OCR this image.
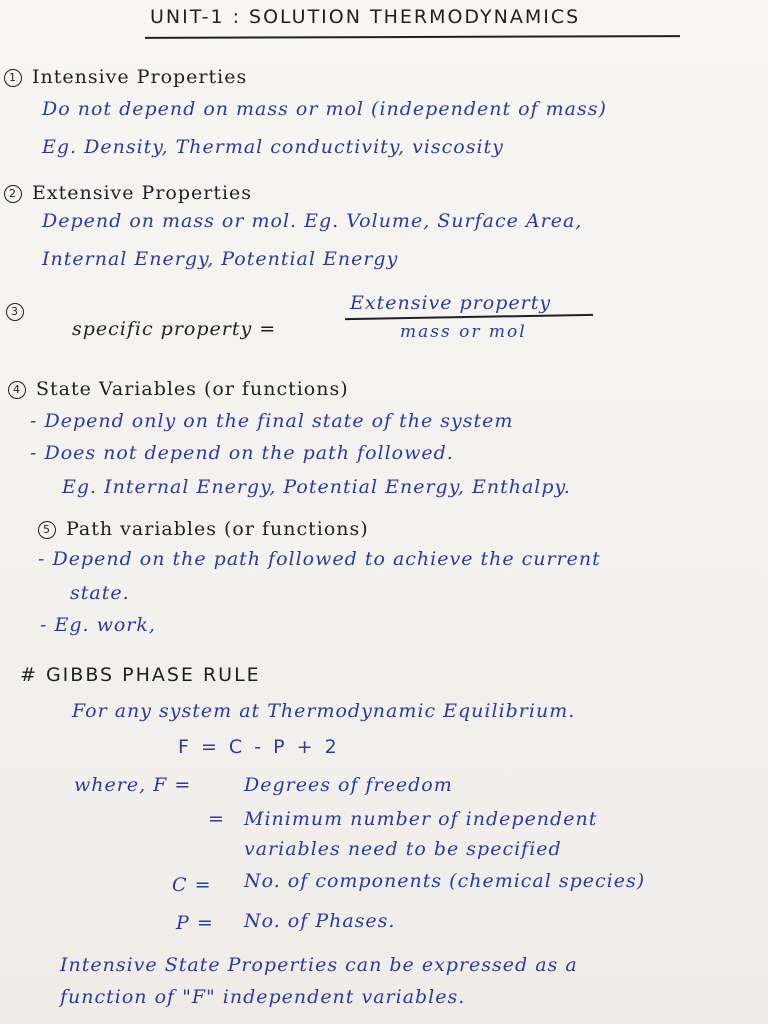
UNIT-1 : SOLUTION THERMODYNAMICS
1 Intensive Properties
Do not depend on mass or mol (independent of mass)
Eg. Density, Thermal conductivity, viscosity
2 Extensive Properties
Depend on mass or mol. Eg. Volume, Surface Area,
Internal Energy, Potential Energy
3
specific property =
Extensive property
mass or mol
4 State Variables (or functions)
- Depend only on the final state of the system
- Does not depend on the path followed.
Eg. Internal Energy, Potential Energy, Enthalpy.
5 Path variables (or functions)
- Depend on the path followed to achieve the current
state.
- Eg. work,
# GIBBS PHASE RULE
For any system at Thermodynamic Equilibrium.
F = C - P + 2
where, F =	Degrees of freedom
= Minimum number of independent
variables need to be specified
C = No. of components (chemical species)
P = No. of Phases.
Intensive State Properties can be expressed as a
function of "F" independent variables.
